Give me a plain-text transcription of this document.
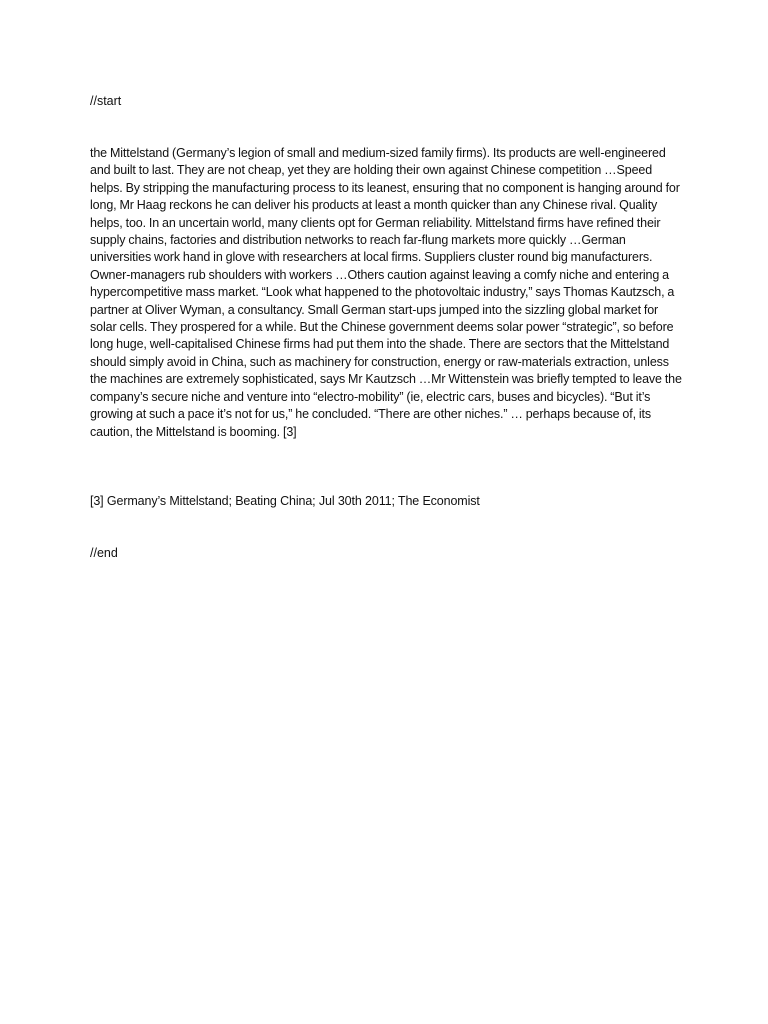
//start

the Mittelstand (Germany’s legion of small and medium-sized family firms). Its products are well-engineered and built to last. They are not cheap, yet they are holding their own against Chinese competition …Speed helps. By stripping the manufacturing process to its leanest, ensuring that no component is hanging around for long, Mr Haag reckons he can deliver his products at least a month quicker than any Chinese rival. Quality helps, too. In an uncertain world, many clients opt for German reliability. Mittelstand firms have refined their supply chains, factories and distribution networks to reach far-flung markets more quickly …German universities work hand in glove with researchers at local firms. Suppliers cluster round big manufacturers. Owner-managers rub shoulders with workers …Others caution against leaving a comfy niche and entering a hypercompetitive mass market. “Look what happened to the photovoltaic industry,” says Thomas Kautzsch, a partner at Oliver Wyman, a consultancy. Small German start-ups jumped into the sizzling global market for solar cells. They prospered for a while. But the Chinese government deems solar power “strategic”, so before long huge, well-capitalised Chinese firms had put them into the shade. There are sectors that the Mittelstand should simply avoid in China, such as machinery for construction, energy or raw-materials extraction, unless the machines are extremely sophisticated, says Mr Kautzsch …Mr Wittenstein was briefly tempted to leave the company’s secure niche and venture into “electro-mobility” (ie, electric cars, buses and bicycles). “But it’s growing at such a pace it’s not for us,” he concluded. “There are other niches.” … perhaps because of, its caution, the Mittelstand is booming. [3]

[3] Germany’s Mittelstand; Beating China; Jul 30th 2011; The Economist

//end
